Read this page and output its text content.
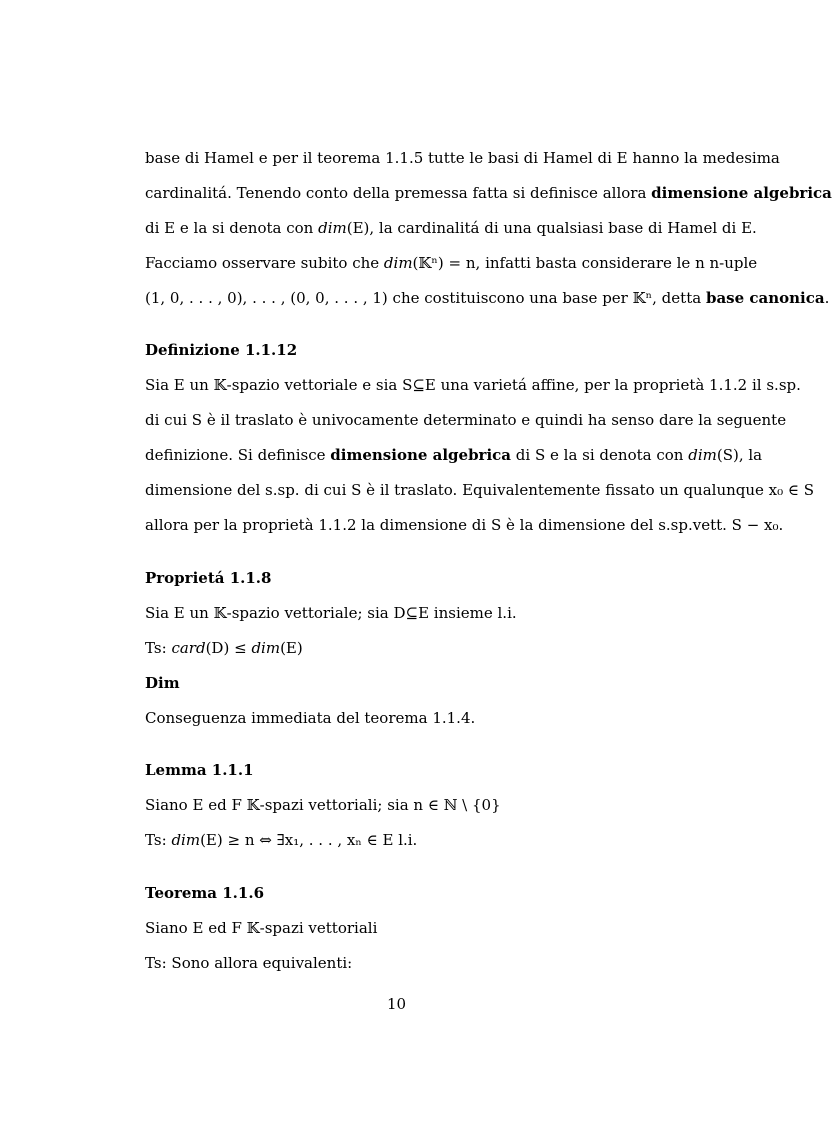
base di Hamel e per il teorema 1.1.5 tutte le basi di Hamel di E hanno la medesima
cardinalitá. Tenendo conto della premessa fatta si definisce allora dimensione algebrica
di E e la si denota con dim(E), la cardinalitá di una qualsiasi base di Hamel di E.
Facciamo osservare subito che dim(𝕂ⁿ) = n, infatti basta considerare le n n-uple
(1, 0, . . . , 0), . . . , (0, 0, . . . , 1) che costituiscono una base per 𝕂ⁿ, detta base canonica.
Definizione 1.1.12
Sia E un 𝕂-spazio vettoriale e sia S⊆E una varietá affine, per la proprietà 1.1.2 il s.sp.
di cui S è il traslato è univocamente determinato e quindi ha senso dare la seguente
definizione. Si definisce dimensione algebrica di S e la si denota con dim(S), la
dimensione del s.sp. di cui S è il traslato. Equivalentemente fissato un qualunque x₀ ∈ S
allora per la proprietà 1.1.2 la dimensione di S è la dimensione del s.sp.vett. S − x₀.
Proprietá 1.1.8
Sia E un 𝕂-spazio vettoriale; sia D⊆E insieme l.i.
Ts: card(D) ≤ dim(E)
Dim
Conseguenza immediata del teorema 1.1.4.
Lemma 1.1.1
Siano E ed F 𝕂-spazi vettoriali; sia n ∈ ℕ \ {0}
Ts: dim(E) ≥ n ⇔ ∃x₁, . . . , xₙ ∈ E l.i.
Teorema 1.1.6
Siano E ed F 𝕂-spazi vettoriali
Ts: Sono allora equivalenti:
10
